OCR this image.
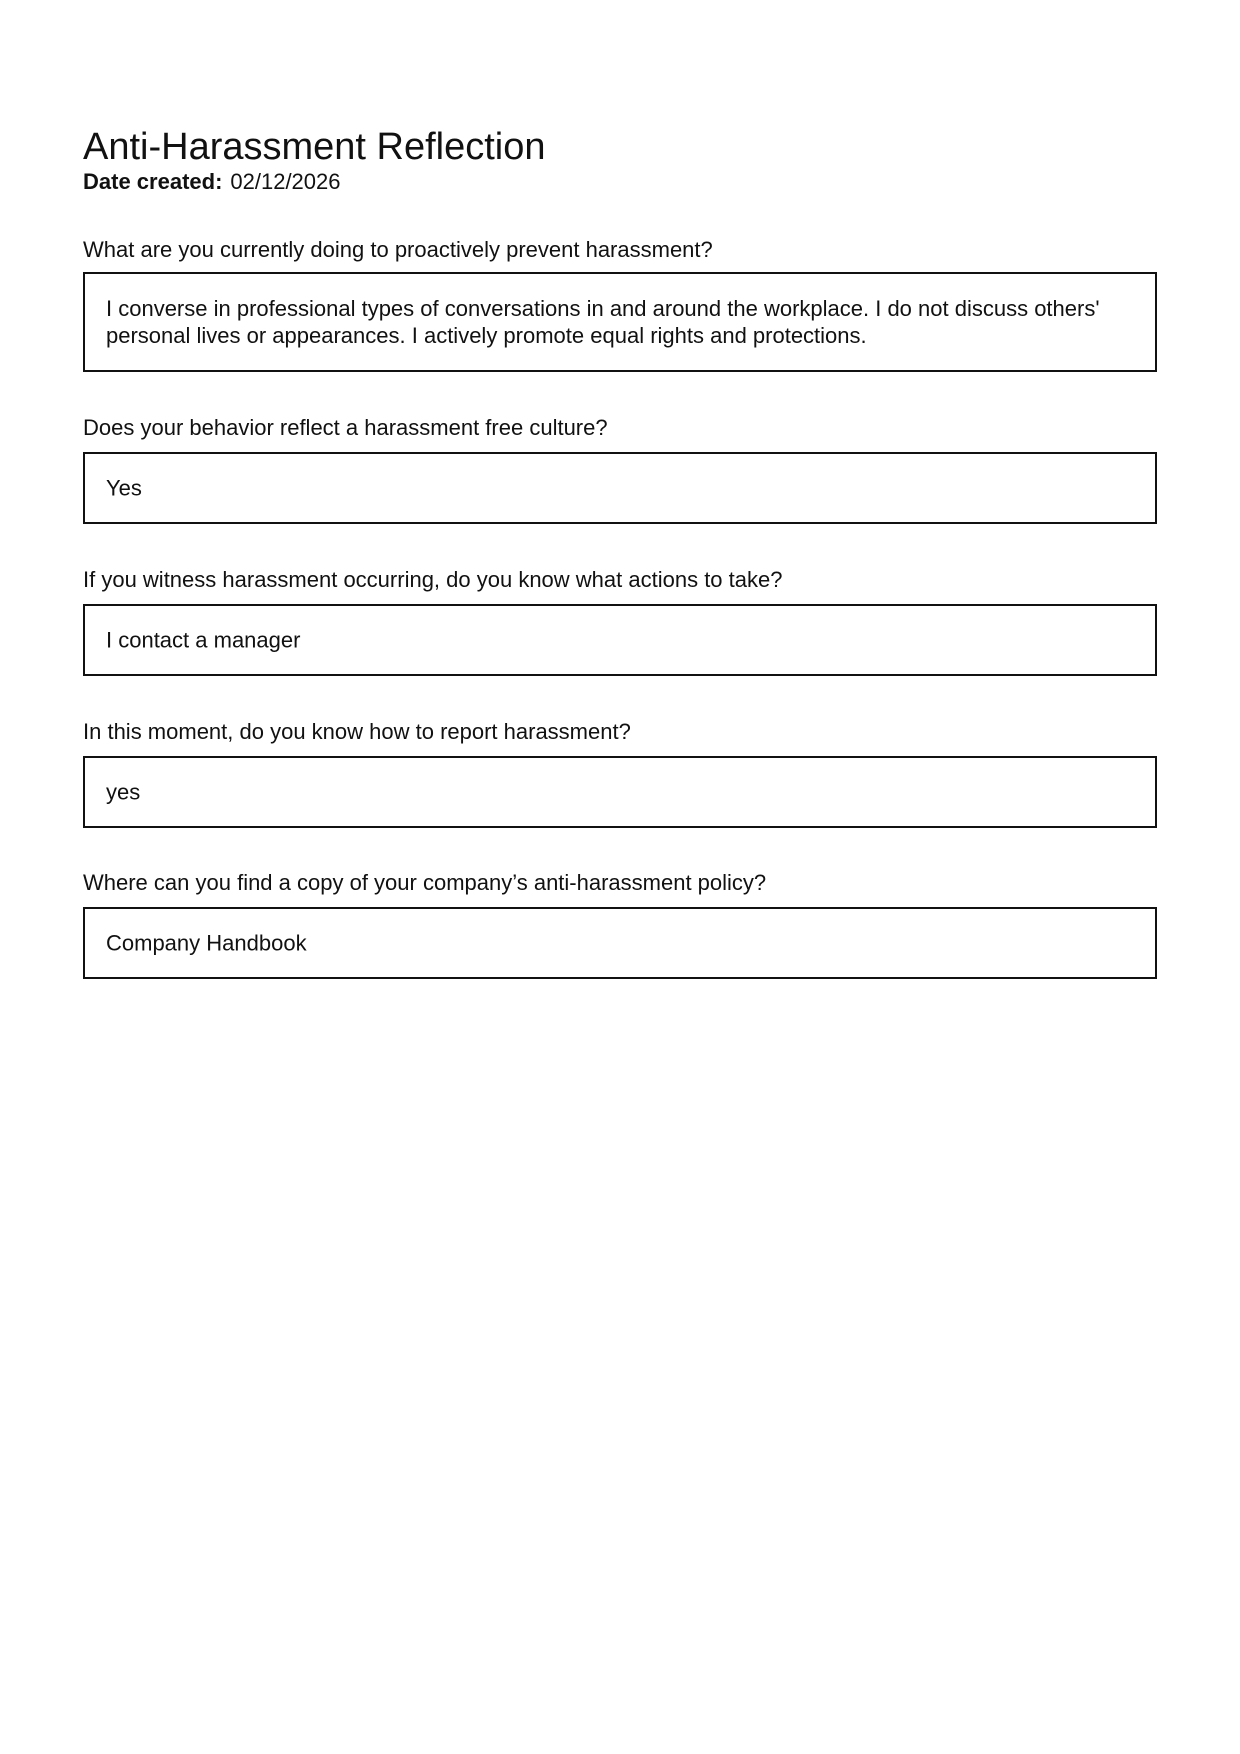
Anti-Harassment Reflection
Date created: 02/12/2026
What are you currently doing to proactively prevent harassment?

I converse in professional types of conversations in and around the workplace. I do not discuss others' personal lives or appearances. I actively promote equal rights and protections.

Does your behavior reflect a harassment free culture?

Yes

If you witness harassment occurring, do you know what actions to take?

I contact a manager

In this moment, do you know how to report harassment?

yes

Where can you find a copy of your company’s anti-harassment policy?

Company Handbook
